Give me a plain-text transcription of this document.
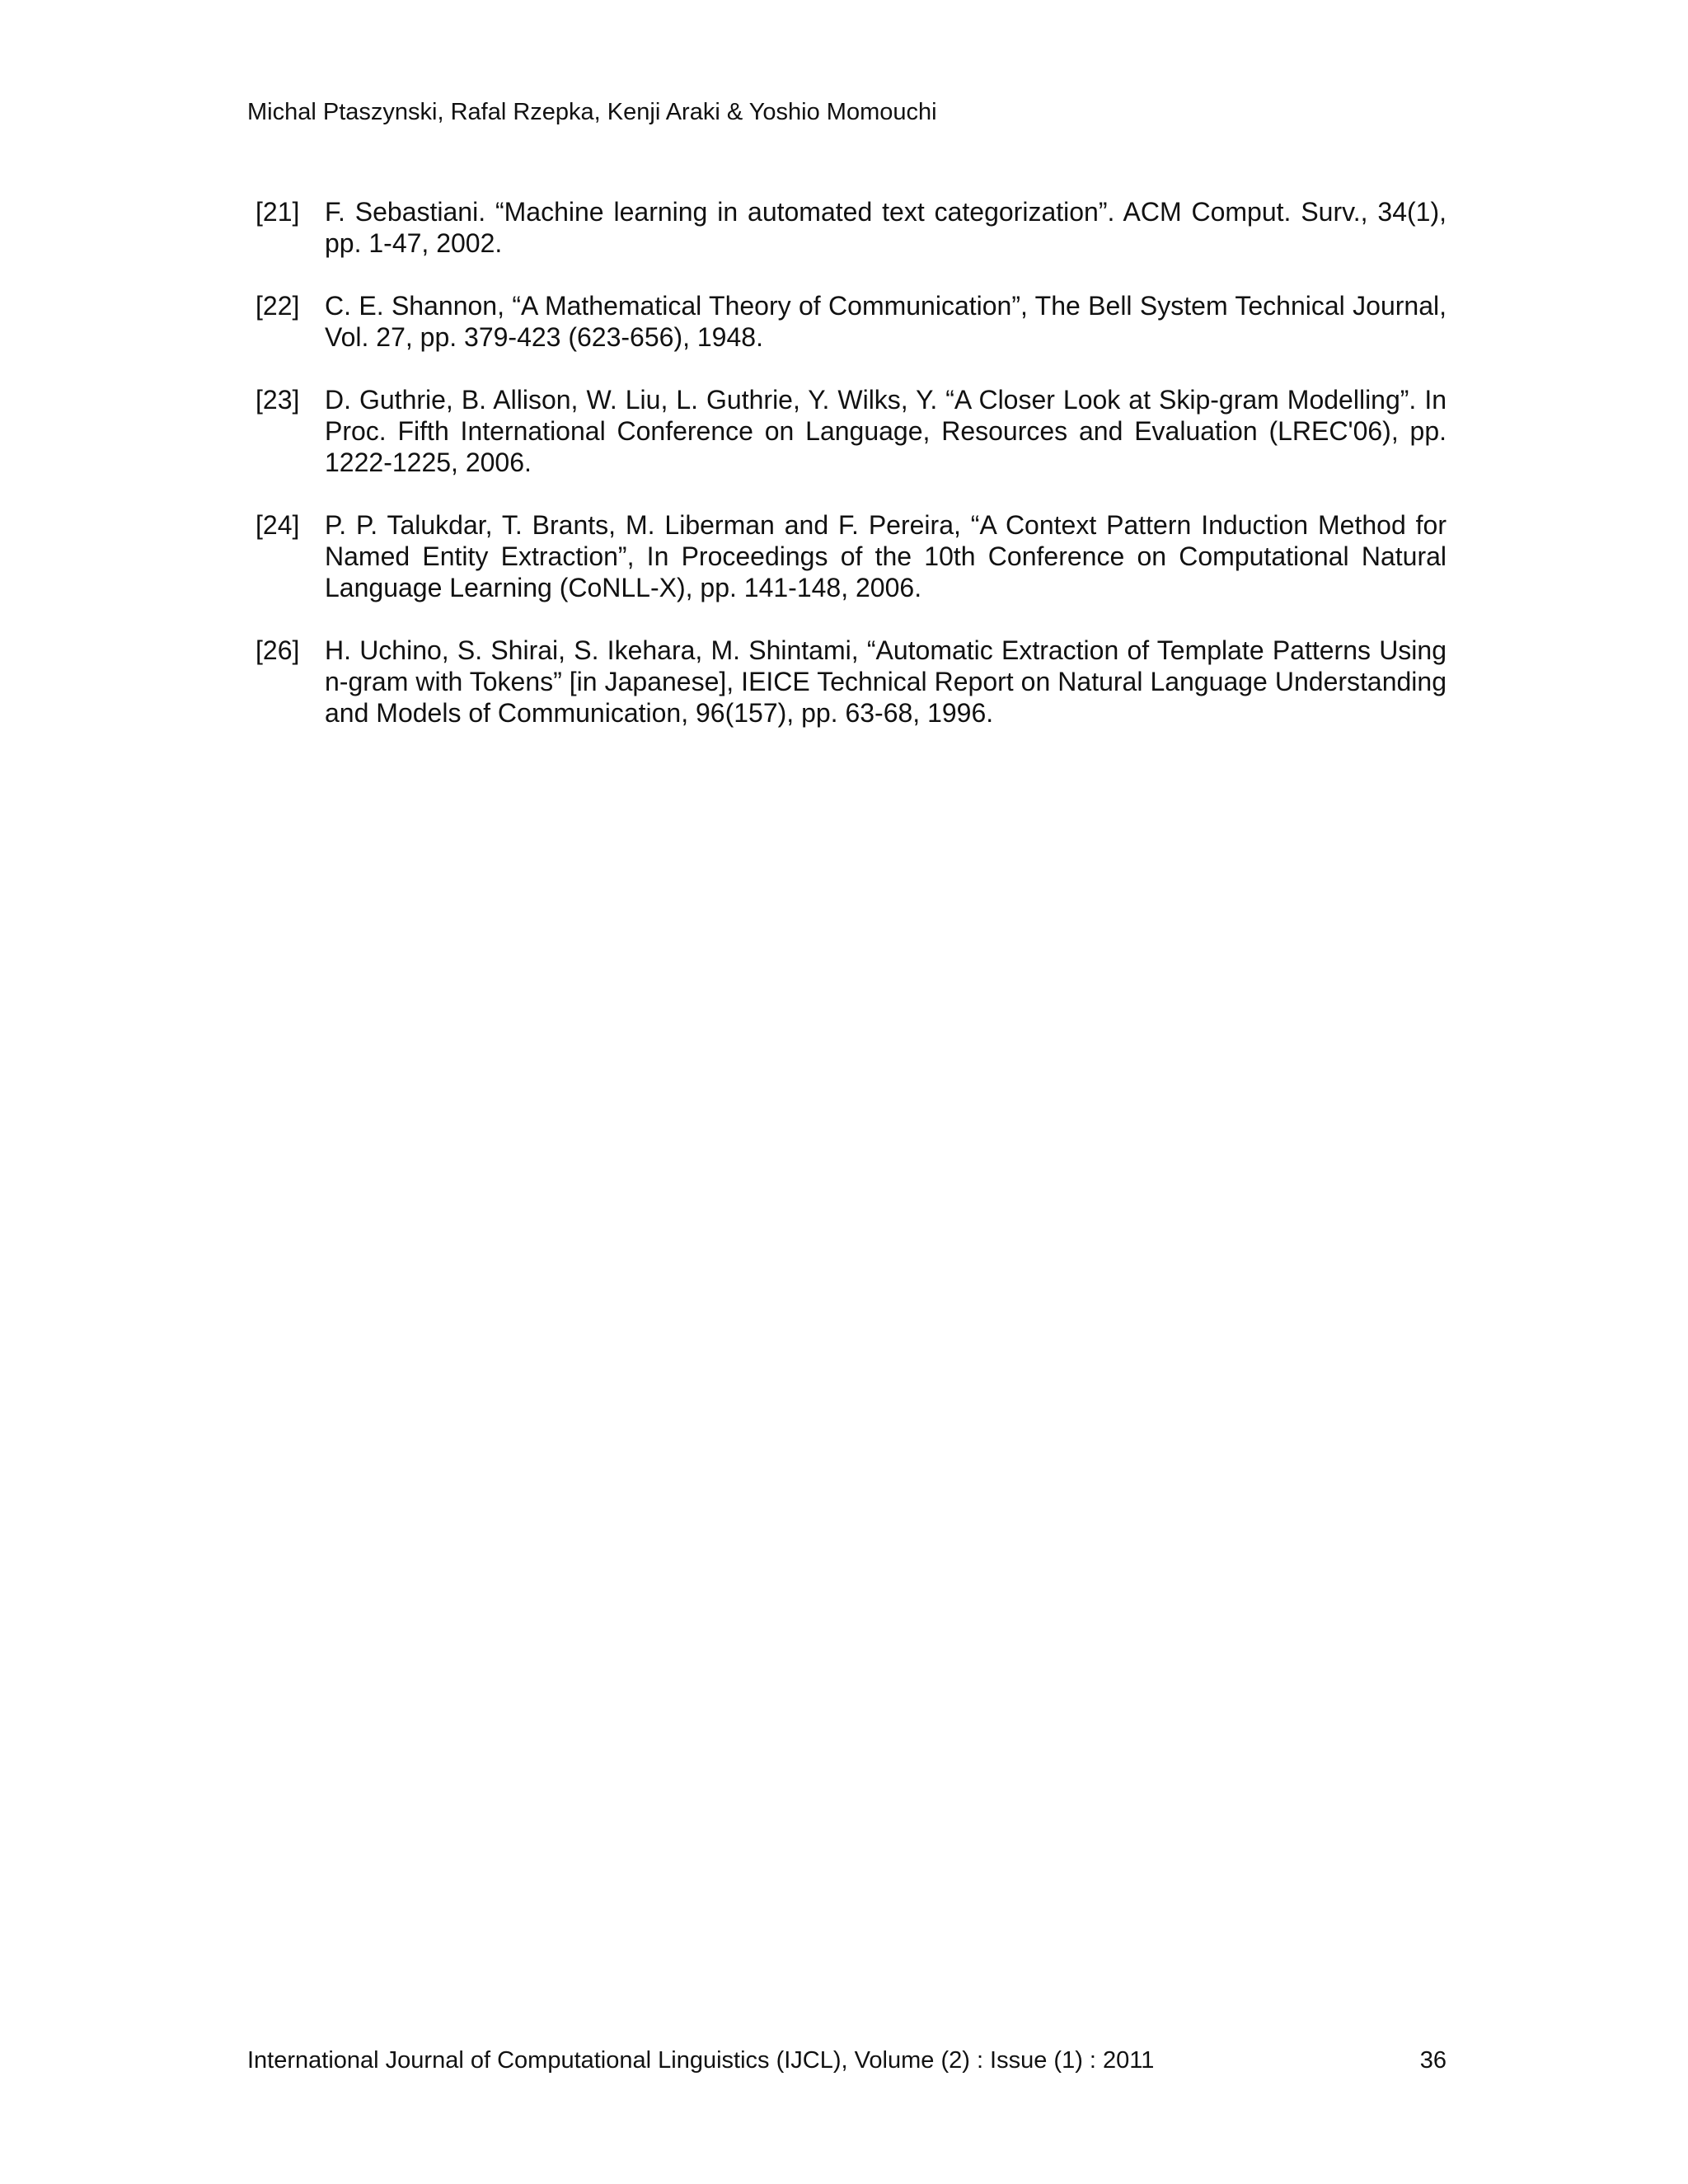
Michal Ptaszynski, Rafal Rzepka, Kenji Araki & Yoshio Momouchi
[21] F. Sebastiani. “Machine learning in automated text categorization”. ACM Comput. Surv., 34(1), pp. 1-47, 2002.
[22] C. E. Shannon, “A Mathematical Theory of Communication”, The Bell System Technical Journal, Vol. 27, pp. 379-423 (623-656), 1948.
[23] D. Guthrie, B. Allison, W. Liu, L. Guthrie, Y. Wilks, Y. “A Closer Look at Skip-gram Modelling”. In Proc. Fifth International Conference on Language, Resources and Evaluation (LREC'06), pp. 1222-1225, 2006.
[24] P. P. Talukdar, T. Brants, M. Liberman and F. Pereira, “A Context Pattern Induction Method for Named Entity Extraction”, In Proceedings of the 10th Conference on Computational Natural Language Learning (CoNLL-X), pp. 141-148, 2006.
[26] H. Uchino, S. Shirai, S. Ikehara, M. Shintami, “Automatic Extraction of Template Patterns Using n-gram with Tokens” [in Japanese], IEICE Technical Report on Natural Language Understanding and Models of Communication, 96(157), pp. 63-68, 1996.
International Journal of Computational Linguistics (IJCL), Volume (2) : Issue (1) : 2011	36
